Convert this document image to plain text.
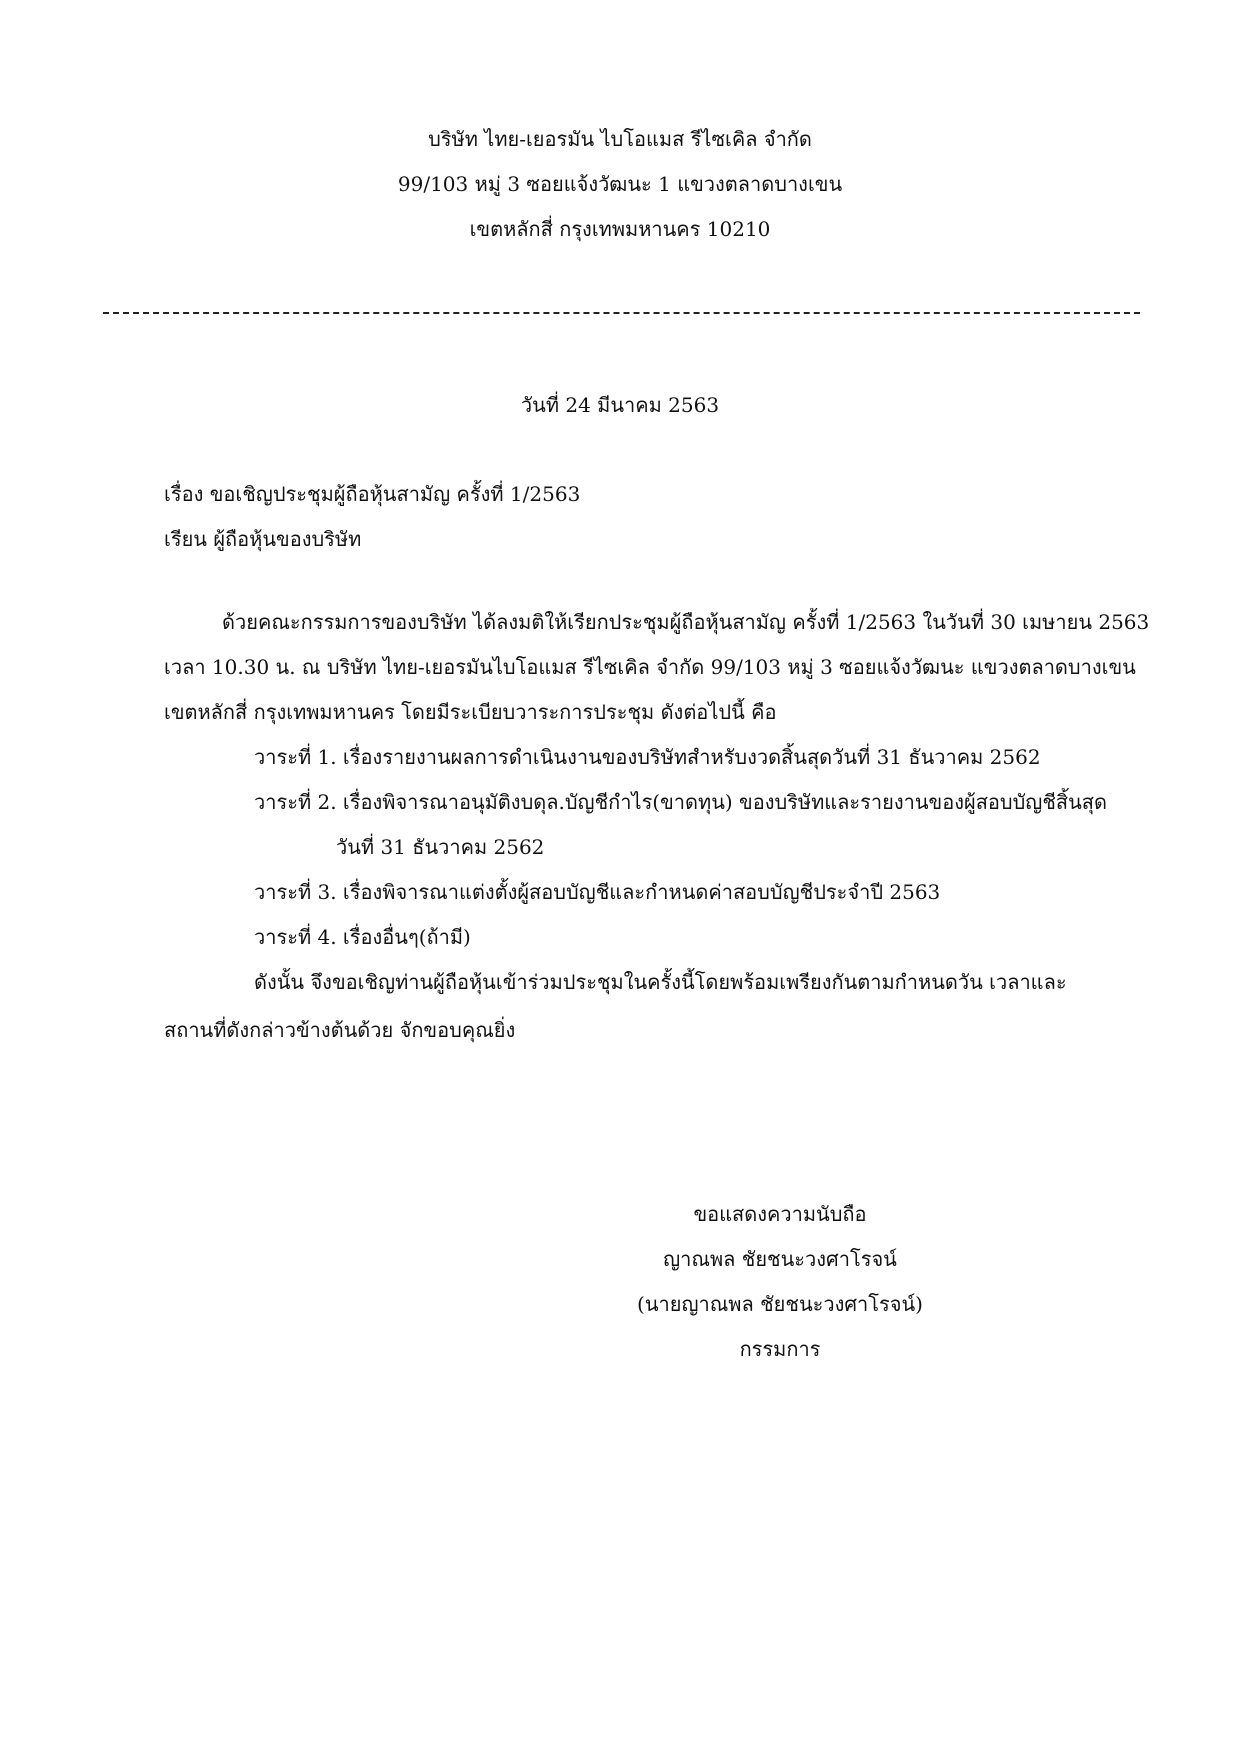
บริษัท ไทย-เยอรมัน ไบโอแมส รีไซเคิล จำกัด
99/103 หมู่ 3 ซอยแจ้งวัฒนะ 1 แขวงตลาดบางเขน
เขตหลักสี่ กรุงเทพมหานคร 10210
วันที่ 24 มีนาคม 2563
เรื่อง ขอเชิญประชุมผู้ถือหุ้นสามัญ ครั้งที่ 1/2563
เรียน ผู้ถือหุ้นของบริษัท
ด้วยคณะกรรมการของบริษัท ได้ลงมติให้เรียกประชุมผู้ถือหุ้นสามัญ ครั้งที่ 1/2563 ในวันที่ 30 เมษายน 2563
เวลา 10.30 น. ณ บริษัท ไทย-เยอรมันไบโอแมส รีไซเคิล จำกัด 99/103 หมู่ 3 ซอยแจ้งวัฒนะ แขวงตลาดบางเขน
เขตหลักสี่ กรุงเทพมหานคร โดยมีระเบียบวาระการประชุม ดังต่อไปนี้ คือ
วาระที่ 1. เรื่องรายงานผลการดำเนินงานของบริษัทสำหรับงวดสิ้นสุดวันที่ 31 ธันวาคม 2562
วาระที่ 2. เรื่องพิจารณาอนุมัติงบดุล.บัญชีกำไร(ขาดทุน) ของบริษัทและรายงานของผู้สอบบัญชีสิ้นสุด
วันที่ 31 ธันวาคม 2562
วาระที่ 3. เรื่องพิจารณาแต่งตั้งผู้สอบบัญชีและกำหนดค่าสอบบัญชีประจำปี 2563
วาระที่ 4. เรื่องอื่นๆ(ถ้ามี)
ดังนั้น จึงขอเชิญท่านผู้ถือหุ้นเข้าร่วมประชุมในครั้งนี้โดยพร้อมเพรียงกันตามกำหนดวัน เวลาและ
สถานที่ดังกล่าวข้างต้นด้วย จักขอบคุณยิ่ง
ขอแสดงความนับถือ
ญาณพล ชัยชนะวงศาโรจน์
(นายญาณพล ชัยชนะวงศาโรจน์)
กรรมการ
